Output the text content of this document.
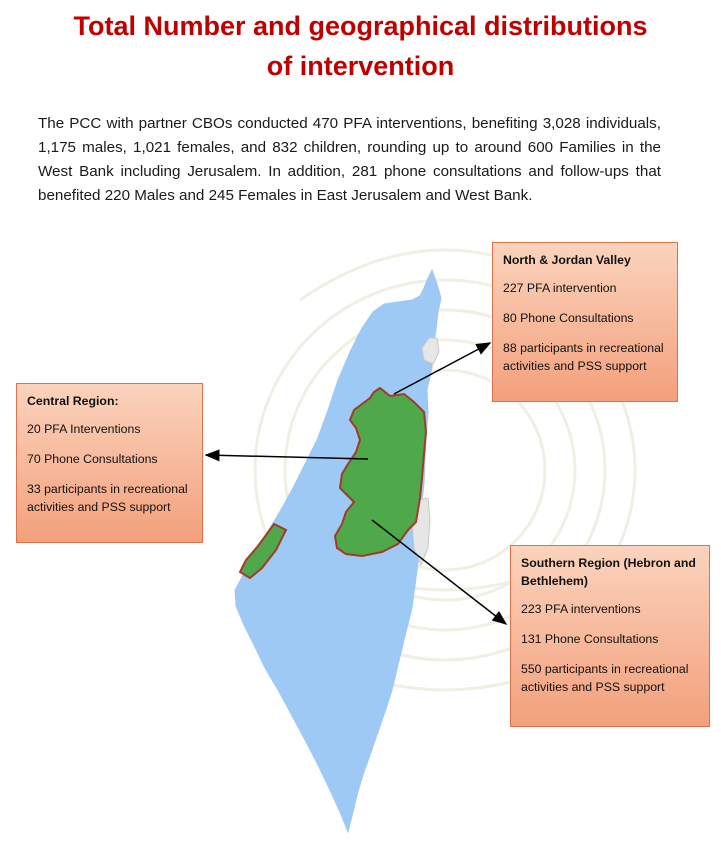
Total Number and geographical distributions
of intervention

The PCC with partner CBOs conducted 470 PFA interventions, benefiting 3,028 individuals, 1,175 males, 1,021 females, and 832 children, rounding up to around 600 Families in the West Bank including Jerusalem. In addition, 281 phone consultations and follow-ups that benefited 220 Males and 245 Females in East Jerusalem and West Bank.

North & Jordan Valley
227 PFA intervention
80 Phone Consultations
88 participants in recreational activities and PSS support
Central Region:
20 PFA Interventions
70 Phone Consultations
33 participants in recreational activities and PSS support
Southern Region (Hebron and Bethlehem)
223 PFA interventions
131 Phone Consultations
550 participants in recreational activities and PSS support
